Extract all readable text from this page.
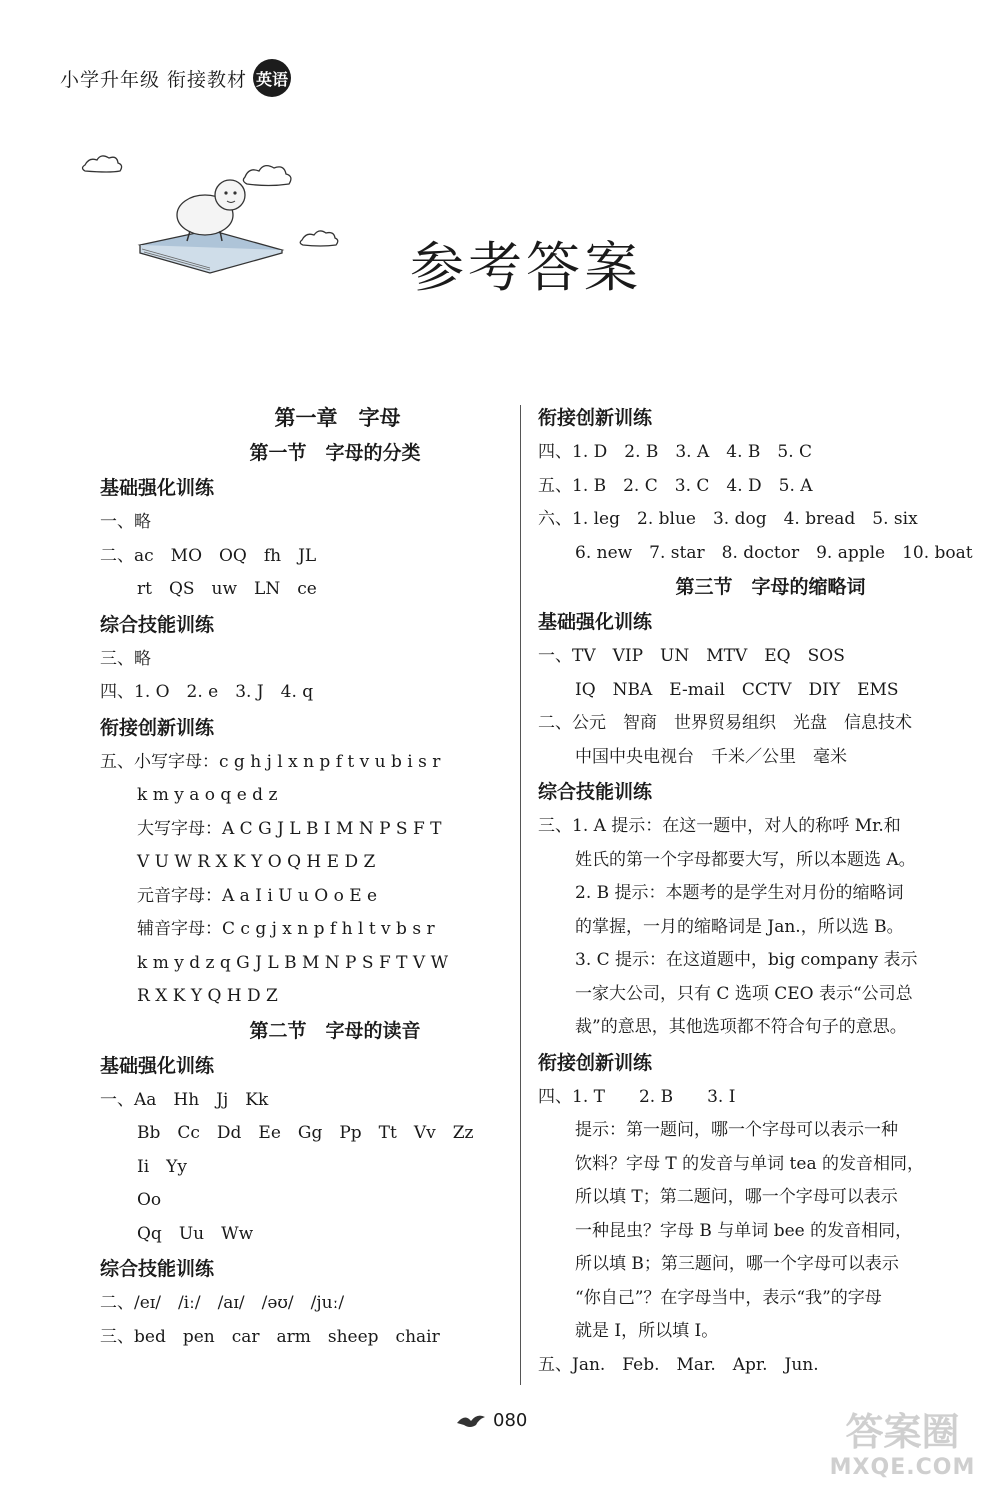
小学升年级 衔接教材 英语
参考答案
第一章　字母
第一节　字母的分类
基础强化训练
一、略
二、ac　MO　OQ　fh　JL
rt　QS　uw　LN　ce
综合技能训练
三、略
四、1. O　2. e　3. J　4. q
衔接创新训练
五、小写字母：c g h j l x n p f t v u b i s r
k m y a o q e d z
大写字母：A C G J L B I M N P S F T
V U W R X K Y O Q H E D Z
元音字母：A a I i U u O o E e
辅音字母：C c g j x n p f h l t v b s r
k m y d z q G J L B M N P S F T V W
R X K Y Q H D Z
第二节　字母的读音
基础强化训练
一、Aa　Hh　Jj　Kk
Bb　Cc　Dd　Ee　Gg　Pp　Tt　Vv　Zz
Ii　Yy
Oo
Qq　Uu　Ww
综合技能训练
二、/eɪ/　/iː/　/aɪ/　/əʊ/　/juː/
三、bed　pen　car　arm　sheep　chair
衔接创新训练
四、1. D　2. B　3. A　4. B　5. C
五、1. B　2. C　3. C　4. D　5. A
六、1. leg　2. blue　3. dog　4. bread　5. six
6. new　7. star　8. doctor　9. apple　10. boat
第三节　字母的缩略词
基础强化训练
一、TV　VIP　UN　MTV　EQ　SOS
IQ　NBA　E-mail　CCTV　DIY　EMS
二、公元　智商　世界贸易组织　光盘　信息技术
中国中央电视台　千米／公里　毫米
综合技能训练
三、1. A 提示：在这一题中，对人的称呼 Mr.和
姓氏的第一个字母都要大写，所以本题选 A。
2. B 提示：本题考的是学生对月份的缩略词
的掌握，一月的缩略词是 Jan.，所以选 B。
3. C 提示：在这道题中，big company 表示
一家大公司，只有 C 选项 CEO 表示“公司总
裁”的意思，其他选项都不符合句子的意思。
衔接创新训练
四、1. T　　2. B　　3. I
提示：第一题问，哪一个字母可以表示一种
饮料？字母 T 的发音与单词 tea 的发音相同，
所以填 T；第二题问，哪一个字母可以表示
一种昆虫？字母 B 与单词 bee 的发音相同，
所以填 B；第三题问，哪一个字母可以表示
“你自己”？在字母当中，表示“我”的字母
就是 I，所以填 I。
五、Jan.　Feb.　Mar.　Apr.　Jun.
080	答案圈
MXQE.COM
